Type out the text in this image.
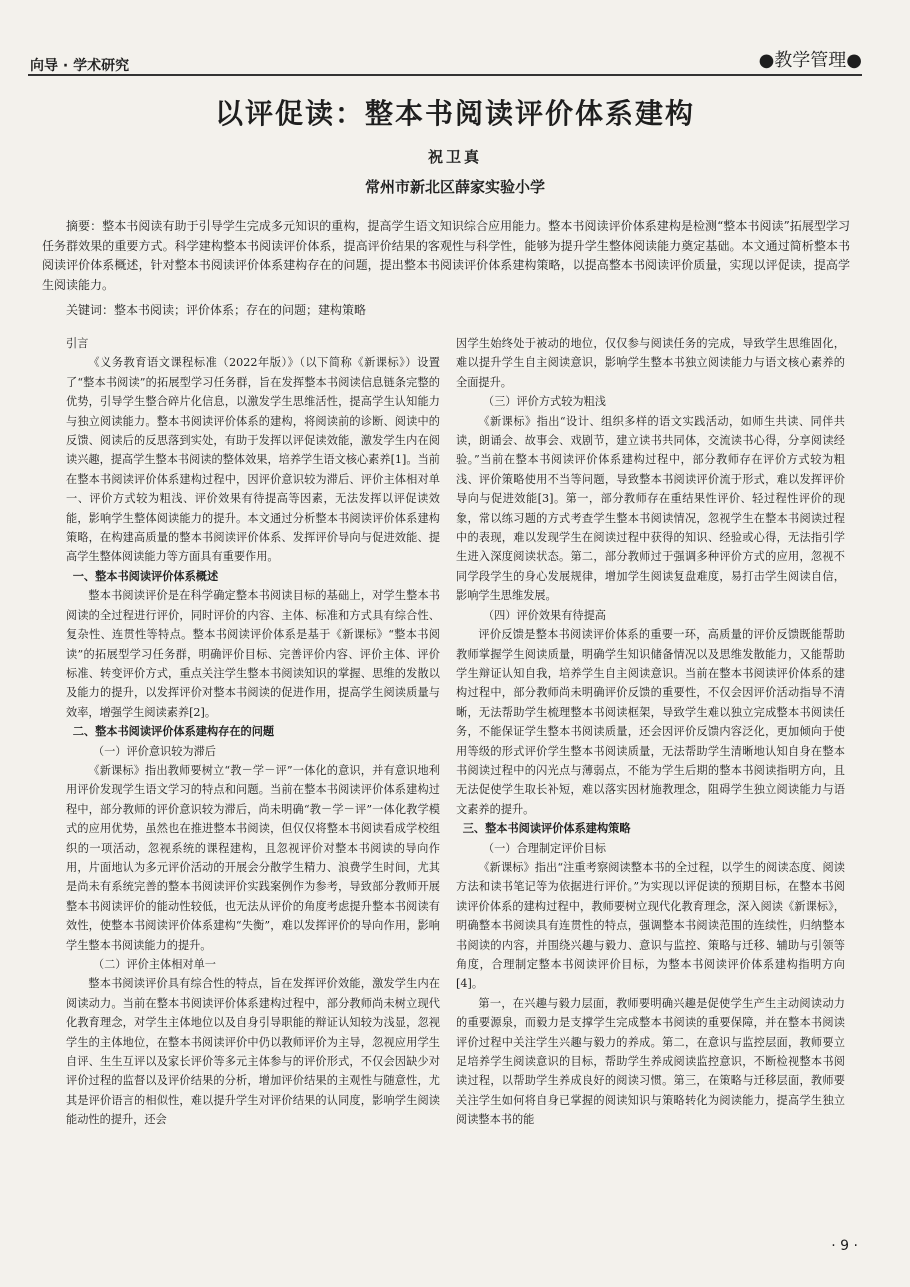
向导 · 学术研究	●教学管理●
以评促读：整本书阅读评价体系建构
祝卫真
常州市新北区薛家实验小学
摘要：整本书阅读有助于引导学生完成多元知识的重构，提高学生语文知识综合应用能力。整本书阅读评价体系建构是检测“整本书阅读”拓展型学习任务群效果的重要方式。科学建构整本书阅读评价体系，提高评价结果的客观性与科学性，能够为提升学生整体阅读能力奠定基础。本文通过简析整本书阅读评价体系概述，针对整本书阅读评价体系建构存在的问题，提出整本书阅读评价体系建构策略，以提高整本书阅读评价质量，实现以评促读，提高学生阅读能力。
关键词：整本书阅读；评价体系；存在的问题；建构策略

引言

《义务教育语文课程标准（2022年版）》（以下简称《新课标》）设置了“整本书阅读”的拓展型学习任务群，旨在发挥整本书阅读信息链条完整的优势，引导学生整合碎片化信息，以激发学生思维活性，提高学生认知能力与独立阅读能力。整本书阅读评价体系的建构，将阅读前的诊断、阅读中的反馈、阅读后的反思落到实处，有助于发挥以评促读效能，激发学生内在阅读兴趣，提高学生整本书阅读的整体效果，培养学生语文核心素养[1]。当前在整本书阅读评价体系建构过程中，因评价意识较为滞后、评价主体相对单一、评价方式较为粗浅、评价效果有待提高等因素，无法发挥以评促读效能，影响学生整体阅读能力的提升。本文通过分析整本书阅读评价体系建构策略，在构建高质量的整本书阅读评价体系、发挥评价导向与促进效能、提高学生整体阅读能力等方面具有重要作用。

一、整本书阅读评价体系概述

整本书阅读评价是在科学确定整本书阅读目标的基础上，对学生整本书阅读的全过程进行评价，同时评价的内容、主体、标准和方式具有综合性、复杂性、连贯性等特点。整本书阅读评价体系是基于《新课标》“整本书阅读”的拓展型学习任务群，明确评价目标、完善评价内容、评价主体、评价标准、转变评价方式，重点关注学生整本书阅读知识的掌握、思维的发散以及能力的提升，以发挥评价对整本书阅读的促进作用，提高学生阅读质量与效率，增强学生阅读素养[2]。

二、整本书阅读评价体系建构存在的问题

（一）评价意识较为滞后

《新课标》指出教师要树立“教－学－评”一体化的意识，并有意识地利用评价发现学生语文学习的特点和问题。当前在整本书阅读评价体系建构过程中，部分教师的评价意识较为滞后，尚未明确“教－学－评”一体化教学模式的应用优势，虽然也在推进整本书阅读，但仅仅将整本书阅读看成学校组织的一项活动，忽视系统的课程建构，且忽视评价对整本书阅读的导向作用，片面地认为多元评价活动的开展会分散学生精力、浪费学生时间，尤其是尚未有系统完善的整本书阅读评价实践案例作为参考，导致部分教师开展整本书阅读评价的能动性较低，也无法从评价的角度考虑提升整本书阅读有效性，使整本书阅读评价体系建构“失衡”，难以发挥评价的导向作用，影响学生整本书阅读能力的提升。

（二）评价主体相对单一

整本书阅读评价具有综合性的特点，旨在发挥评价效能，激发学生内在阅读动力。当前在整本书阅读评价体系建构过程中，部分教师尚未树立现代化教育理念，对学生主体地位以及自身引导职能的辩证认知较为浅显，忽视学生的主体地位，在整本书阅读评价中仍以教师评价为主导，忽视应用学生自评、生生互评以及家长评价等多元主体参与的评价形式，不仅会因缺少对评价过程的监督以及评价结果的分析，增加评价结果的主观性与随意性，尤其是评价语言的相似性，难以提升学生对评价结果的认同度，影响学生阅读能动性的提升，还会

因学生始终处于被动的地位，仅仅参与阅读任务的完成，导致学生思维固化，难以提升学生自主阅读意识，影响学生整本书独立阅读能力与语文核心素养的全面提升。

（三）评价方式较为粗浅

《新课标》指出“设计、组织多样的语文实践活动，如师生共读、同伴共读，朗诵会、故事会、戏剧节，建立读书共同体，交流读书心得，分享阅读经验。”当前在整本书阅读评价体系建构过程中，部分教师存在评价方式较为粗浅、评价策略使用不当等问题，导致整本书阅读评价流于形式，难以发挥评价导向与促进效能[3]。第一，部分教师存在重结果性评价、轻过程性评价的现象，常以练习题的方式考查学生整本书阅读情况，忽视学生在整本书阅读过程中的表现，难以发现学生在阅读过程中获得的知识、经验或心得，无法指引学生进入深度阅读状态。第二，部分教师过于强调多种评价方式的应用，忽视不同学段学生的身心发展规律，增加学生阅读复盘难度，易打击学生阅读自信，影响学生思维发展。

（四）评价效果有待提高

评价反馈是整本书阅读评价体系的重要一环，高质量的评价反馈既能帮助教师掌握学生阅读质量，明确学生知识储备情况以及思维发散能力，又能帮助学生辩证认知自我，培养学生自主阅读意识。当前在整本书阅读评价体系的建构过程中，部分教师尚未明确评价反馈的重要性，不仅会因评价活动指导不清晰，无法帮助学生梳理整本书阅读框架，导致学生难以独立完成整本书阅读任务，不能保证学生整本书阅读质量，还会因评价反馈内容泛化，更加倾向于使用等级的形式评价学生整本书阅读质量，无法帮助学生清晰地认知自身在整本书阅读过程中的闪光点与薄弱点，不能为学生后期的整本书阅读指明方向，且无法促使学生取长补短，难以落实因材施教理念，阻碍学生独立阅读能力与语文素养的提升。

三、整本书阅读评价体系建构策略

（一）合理制定评价目标

《新课标》指出“注重考察阅读整本书的全过程，以学生的阅读态度、阅读方法和读书笔记等为依据进行评价。”为实现以评促读的预期目标，在整本书阅读评价体系的建构过程中，教师要树立现代化教育理念，深入阅读《新课标》，明确整本书阅读具有连贯性的特点，强调整本书阅读范围的连续性，归纳整本书阅读的内容，并围绕兴趣与毅力、意识与监控、策略与迁移、辅助与引领等角度，合理制定整本书阅读评价目标，为整本书阅读评价体系建构指明方向[4]。

第一，在兴趣与毅力层面，教师要明确兴趣是促使学生产生主动阅读动力的重要源泉，而毅力是支撑学生完成整本书阅读的重要保障，并在整本书阅读评价过程中关注学生兴趣与毅力的养成。第二，在意识与监控层面，教师要立足培养学生阅读意识的目标，帮助学生养成阅读监控意识，不断检视整本书阅读过程，以帮助学生养成良好的阅读习惯。第三，在策略与迁移层面，教师要关注学生如何将自身已掌握的阅读知识与策略转化为阅读能力，提高学生独立阅读整本书的能

· 9 ·
